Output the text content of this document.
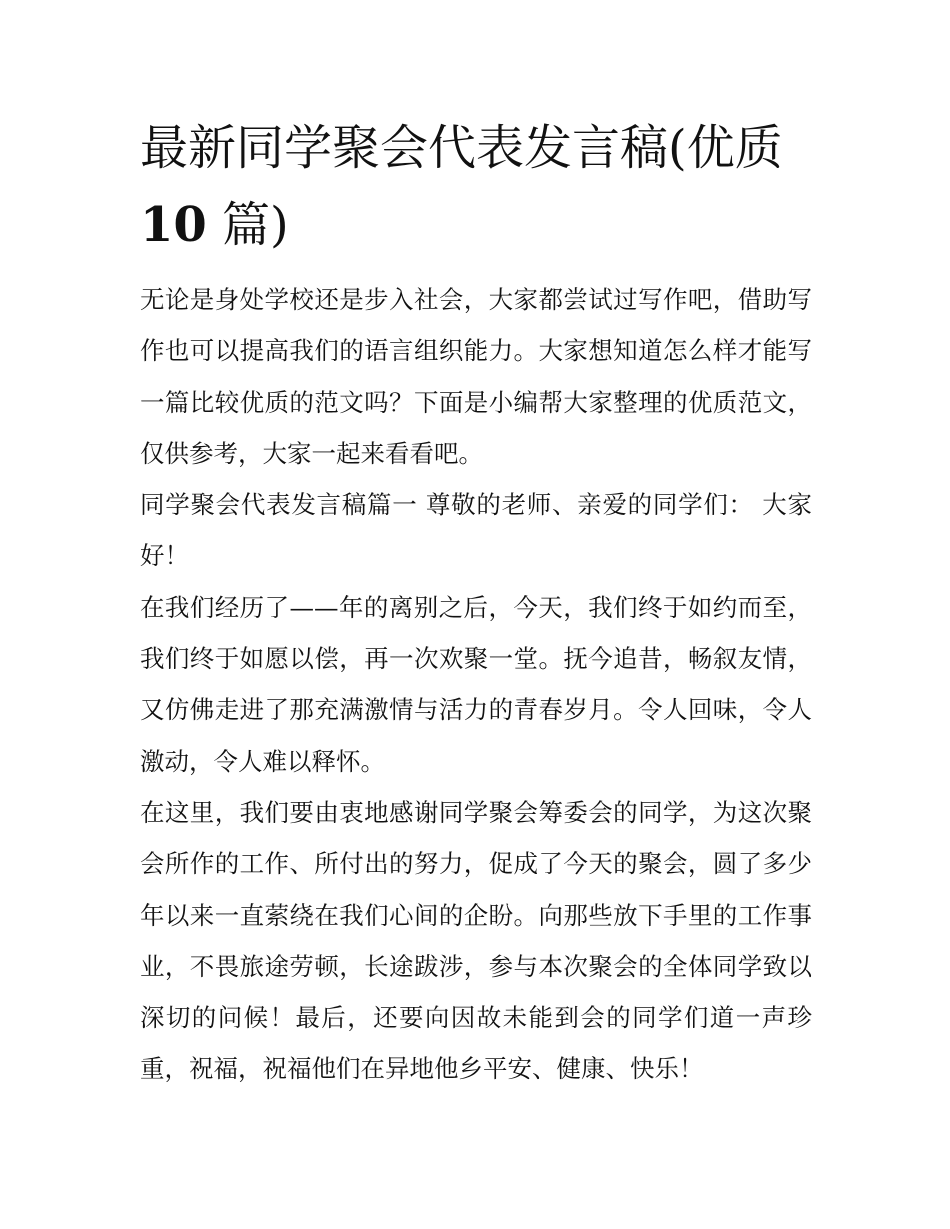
最新同学聚会代表发言稿(优质
10 篇)

无论是身处学校还是步入社会，大家都尝试过写作吧，借助写作也可以提高我们的语言组织能力。大家想知道怎么样才能写一篇比较优质的范文吗？下面是小编帮大家整理的优质范文，仅供参考，大家一起来看看吧。

同学聚会代表发言稿篇一 尊敬的老师、亲爱的同学们： 大家好！

在我们经历了——年的离别之后，今天，我们终于如约而至，我们终于如愿以偿，再一次欢聚一堂。抚今追昔，畅叙友情，又仿佛走进了那充满激情与活力的青春岁月。令人回味，令人激动，令人难以释怀。

在这里，我们要由衷地感谢同学聚会筹委会的同学，为这次聚会所作的工作、所付出的努力，促成了今天的聚会，圆了多少年以来一直萦绕在我们心间的企盼。向那些放下手里的工作事业，不畏旅途劳顿，长途跋涉，参与本次聚会的全体同学致以深切的问候！最后，还要向因故未能到会的同学们道一声珍重，祝福，祝福他们在异地他乡平安、健康、快乐！
